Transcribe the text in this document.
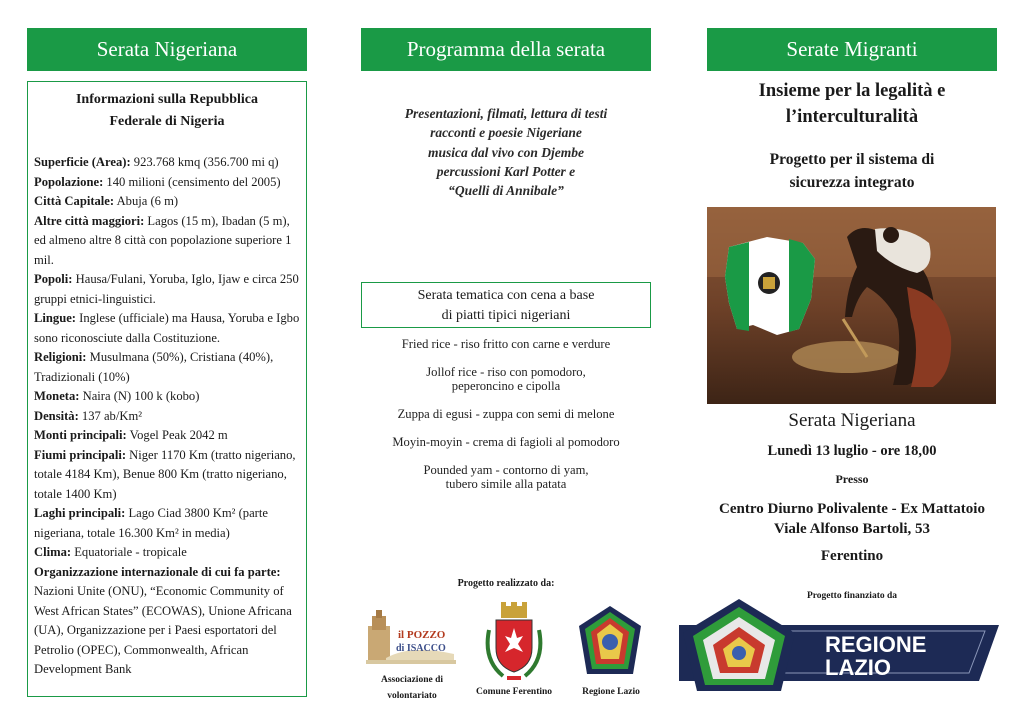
Serata Nigeriana
Informazioni sulla Repubblica
Federale di Nigeria
Superficie (Area): 923.768 kmq (356.700 mi q)
Popolazione: 140 milioni (censimento del 2005)
Città Capitale: Abuja (6 m)
Altre città maggiori: Lagos (15 m), Ibadan (5 m), ed almeno altre 8 città con popolazione superiore 1 mil.
Popoli: Hausa/Fulani, Yoruba, Iglo, Ijaw e circa 250 gruppi etnici-linguistici.
Lingue: Inglese (ufficiale) ma Hausa, Yoruba e Igbo sono riconosciute dalla Costituzione.
Religioni: Musulmana (50%), Cristiana (40%), Tradizionali (10%)
Moneta: Naira (N) 100 k (kobo)
Densità: 137 ab/Km²
Monti principali: Vogel Peak 2042 m
Fiumi principali: Niger 1170 Km (tratto nigeriano, totale 4184 Km), Benue 800 Km (tratto nigeriano, totale 1400 Km)
Laghi principali: Lago Ciad 3800 Km² (parte nigeriana, totale 16.300 Km² in media)
Clima: Equatoriale - tropicale
Organizzazione internazionale di cui fa parte: Nazioni Unite (ONU), “Economic Community of West African States” (ECOWAS), Unione Africana (UA), Organizzazione per i Paesi esportatori del Petrolio (OPEC), Commonwealth, African Development Bank
Programma della serata
Presentazioni, filmati, lettura di testi
racconti e poesie Nigeriane
musica dal vivo con Djembe
percussioni Karl Potter e
“Quelli di Annibale”
Serata tematica con cena a base
di piatti tipici nigeriani
Fried rice - riso fritto con carne e verdure
Jollof rice - riso con pomodoro,
peperoncino e cipolla
Zuppa di egusi - zuppa con semi di melone
Moyin-moyin - crema di fagioli al pomodoro
Pounded yam - contorno di yam,
tubero simile alla patata
Progetto realizzato da:
il POZZO
di ISACCO
Associazione di
volontariato	Comune Ferentino	Regione Lazio
Serate Migranti
Insieme per la legalità e
l’interculturalità
Progetto per il sistema di
sicurezza integrato
Serata Nigeriana
Lunedì 13 luglio - ore 18,00
Presso
Centro Diurno Polivalente - Ex Mattatoio
Viale Alfonso Bartoli, 53
Ferentino
Progetto finanziato da
REGIONE
LAZIO
